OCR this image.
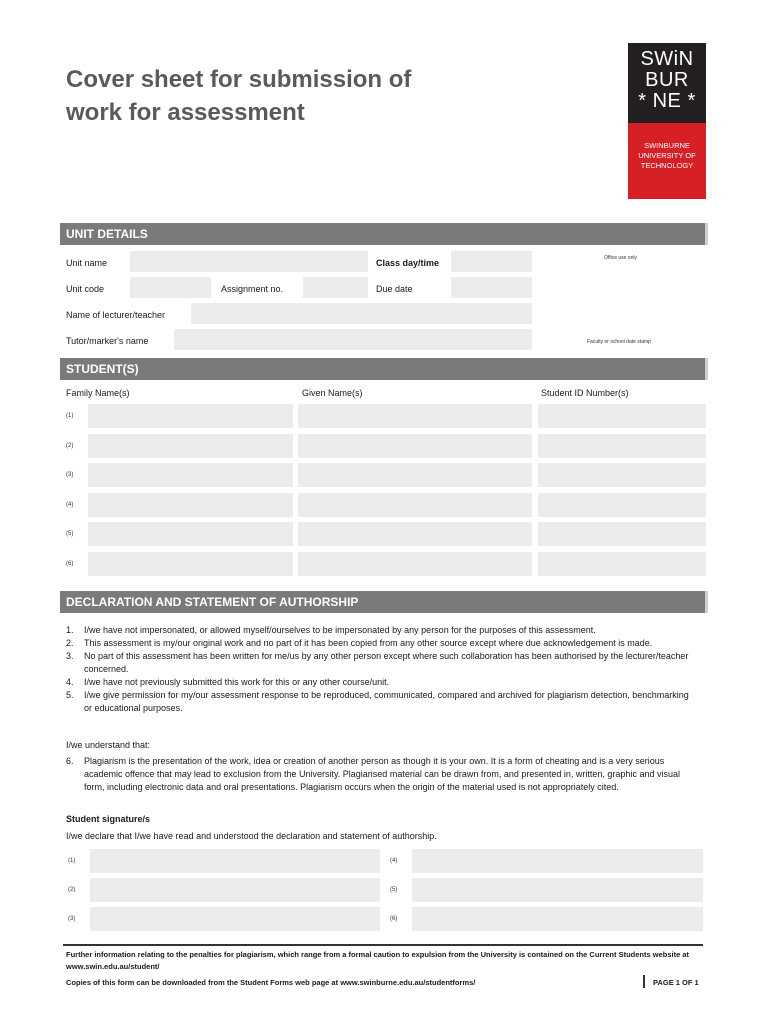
Cover sheet for submission of
work for assessment
SWiN
BUR
* NE *
SWINBURNE
UNIVERSITY OF
TECHNOLOGY
UNIT DETAILS
Unit name	Class day/time	Office use only
Unit code	Assignment no.	Due date
Name of lecturer/teacher
Tutor/marker's name	Faculty or school date stamp
STUDENT(S)
Family Name(s)	Given Name(s)	Student ID Number(s)
(1)
(2)
(3)
(4)
(5)
(6)
DECLARATION AND STATEMENT OF AUTHORSHIP
1.	I/we have not impersonated, or allowed myself/ourselves to be impersonated by any person for the purposes of this assessment.
2.	This assessment is my/our original work and no part of it has been copied from any other source except where due acknowledgement is made.
3.	No part of this assessment has been written for me/us by any other person except where such collaboration has been authorised by the lecturer/teacher concerned.
4.	I/we have not previously submitted this work for this or any other course/unit.
5.	I/we give permission for my/our assessment response to be reproduced, communicated, compared and archived for plagiarism detection, benchmarking or educational purposes.
I/we understand that:
6.	Plagiarism is the presentation of the work, idea or creation of another person as though it is your own. It is a form of cheating and is a very serious academic offence that may lead to exclusion from the University. Plagiarised material can be drawn from, and presented in, written, graphic and visual form, including electronic data and oral presentations. Plagiarism occurs when the origin of the material used is not appropriately cited.
Student signature/s
I/we declare that I/we have read and understood the declaration and statement of authorship.
(1)	(4)
(2)	(5)
(3)	(6)
Further information relating to the penalties for plagiarism, which range from a formal caution to expulsion from the University is contained on the Current Students website at www.swin.edu.au/student/
Copies of this form can be downloaded from the Student Forms web page at www.swinburne.edu.au/studentforms/	PAGE 1 OF 1
